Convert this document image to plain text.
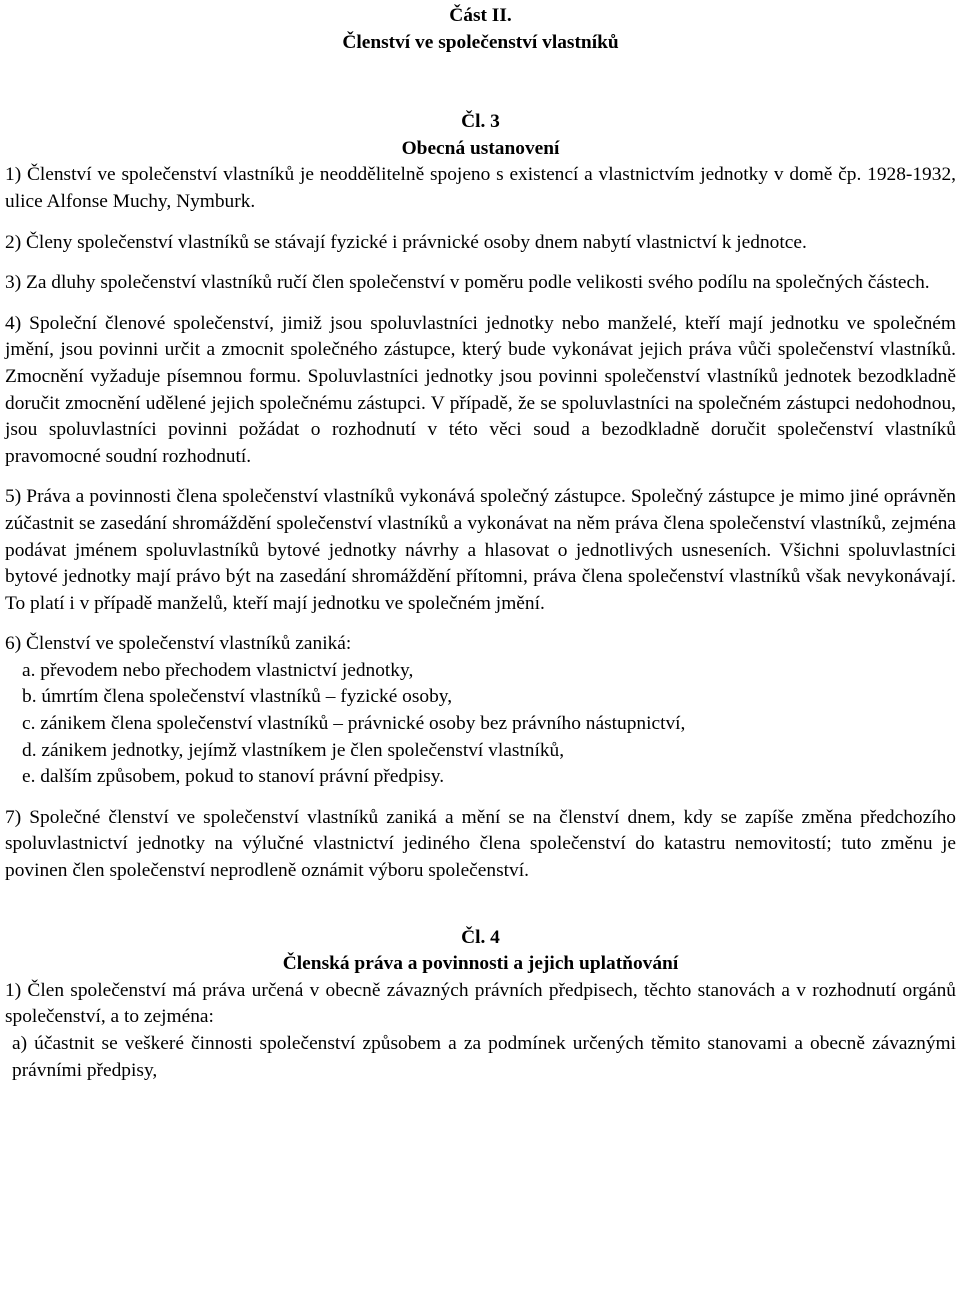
Část II.
Členství ve společenství vlastníků
Čl. 3
Obecná ustanovení

1) Členství ve společenství vlastníků je neoddělitelně spojeno s existencí a vlastnictvím jednotky v domě čp. 1928-1932, ulice Alfonse Muchy, Nymburk.

2) Členy společenství vlastníků se stávají fyzické i právnické osoby dnem nabytí vlastnictví k jednotce.

3) Za dluhy společenství vlastníků ručí člen společenství v poměru podle velikosti svého podílu na společných částech.

4) Společní členové společenství, jimiž jsou spoluvlastníci jednotky nebo manželé, kteří mají jednotku ve společném jmění, jsou povinni určit a zmocnit společného zástupce, který bude vykonávat jejich práva vůči společenství vlastníků. Zmocnění vyžaduje písemnou formu. Spoluvlastníci jednotky jsou povinni společenství vlastníků jednotek bezodkladně doručit zmocnění udělené jejich společnému zástupci. V případě, že se spoluvlastníci na společném zástupci nedohodnou, jsou spoluvlastníci povinni požádat o rozhodnutí v této věci soud a bezodkladně doručit společenství vlastníků pravomocné soudní rozhodnutí.

5) Práva a povinnosti člena společenství vlastníků vykonává společný zástupce. Společný zástupce je mimo jiné oprávněn zúčastnit se zasedání shromáždění společenství vlastníků a vykonávat na něm práva člena společenství vlastníků, zejména podávat jménem spoluvlastníků bytové jednotky návrhy a hlasovat o jednotlivých usneseních. Všichni spoluvlastníci bytové jednotky mají právo být na zasedání shromáždění přítomni, práva člena společenství vlastníků však nevykonávají. To platí i v případě manželů, kteří mají jednotku ve společném jmění.

6) Členství ve společenství vlastníků zaniká:

a. převodem nebo přechodem vlastnictví jednotky,
b. úmrtím člena společenství vlastníků – fyzické osoby,
c. zánikem člena společenství vlastníků – právnické osoby bez právního nástupnictví,
d. zánikem jednotky, jejímž vlastníkem je člen společenství vlastníků,
e. dalším způsobem, pokud to stanoví právní předpisy.

7) Společné členství ve společenství vlastníků zaniká a mění se na členství dnem, kdy se zapíše změna předchozího spoluvlastnictví jednotky na výlučné vlastnictví jediného člena společenství do katastru nemovitostí; tuto změnu je povinen člen společenství neprodleně oznámit výboru společenství.

Čl. 4
Členská práva a povinnosti a jejich uplatňování

1) Člen společenství má práva určená v obecně závazných právních předpisech, těchto stanovách a v rozhodnutí orgánů společenství, a to zejména:

a) účastnit se veškeré činnosti společenství způsobem a za podmínek určených těmito stanovami a obecně závaznými právními předpisy,
